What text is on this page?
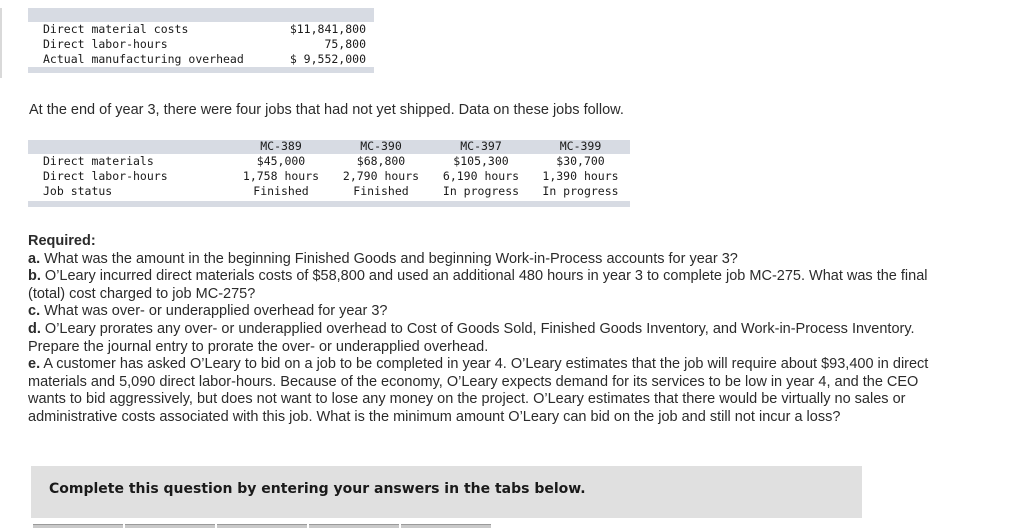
Direct material costs	$11,841,800
Direct labor-hours	75,800
Actual manufacturing overhead	$ 9,552,000
At the end of year 3, there were four jobs that had not yet shipped. Data on these jobs follow.
	MC-389	MC-390	MC-397	MC-399
Direct materials	$45,000	$68,800	$105,300	$30,700
Direct labor-hours	1,758 hours	2,790 hours	6,190 hours	1,390 hours
Job status	Finished	Finished	In progress	In progress

Required:

a. What was the amount in the beginning Finished Goods and beginning Work-in-Process accounts for year 3?

b. O’Leary incurred direct materials costs of $58,800 and used an additional 480 hours in year 3 to complete job MC-275. What was the final (total) cost charged to job MC-275?

c. What was over- or underapplied overhead for year 3?

d. O’Leary prorates any over- or underapplied overhead to Cost of Goods Sold, Finished Goods Inventory, and Work-in-Process Inventory. Prepare the journal entry to prorate the over- or underapplied overhead.

e. A customer has asked O’Leary to bid on a job to be completed in year 4. O’Leary estimates that the job will require about $93,400 in direct materials and 5,090 direct labor-hours. Because of the economy, O’Leary expects demand for its services to be low in year 4, and the CEO wants to bid aggressively, but does not want to lose any money on the project. O’Leary estimates that there would be virtually no sales or administrative costs associated with this job. What is the minimum amount O’Leary can bid on the job and still not incur a loss?

Complete this question by entering your answers in the tabs below.
